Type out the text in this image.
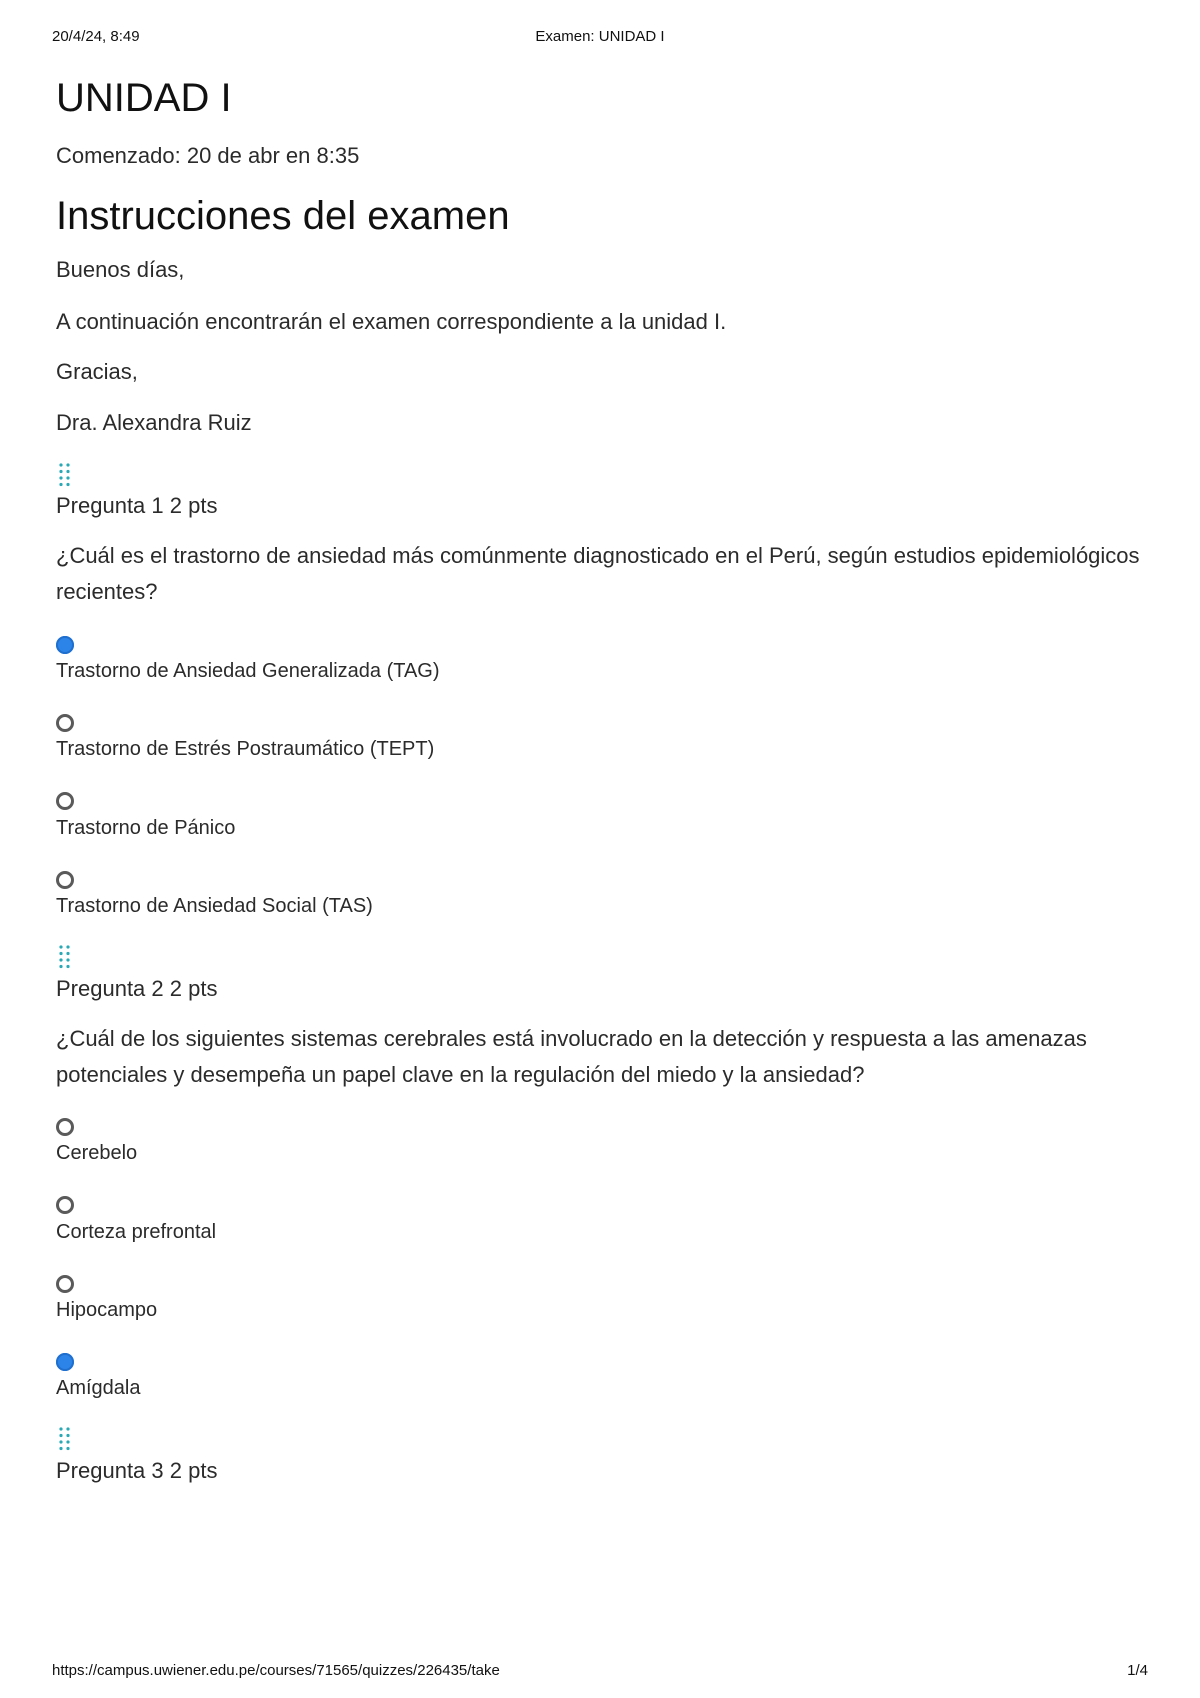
20/4/24, 8:49	Examen: UNIDAD I
UNIDAD I
Comenzado: 20 de abr en 8:35
Instrucciones del examen
Buenos días,
A continuación encontrarán el examen correspondiente a la unidad I.
Gracias,
Dra. Alexandra Ruiz
Pregunta 1 2 pts
¿Cuál es el trastorno de ansiedad más comúnmente diagnosticado en el Perú, según estudios epidemiológicos recientes?
Trastorno de Ansiedad Generalizada (TAG)
Trastorno de Estrés Postraumático (TEPT)
Trastorno de Pánico
Trastorno de Ansiedad Social (TAS)
Pregunta 2 2 pts
¿Cuál de los siguientes sistemas cerebrales está involucrado en la detección y respuesta a las amenazas potenciales y desempeña un papel clave en la regulación del miedo y la ansiedad?
Cerebelo
Corteza prefrontal
Hipocampo
Amígdala
Pregunta 3 2 pts
https://campus.uwiener.edu.pe/courses/71565/quizzes/226435/take	1/4
